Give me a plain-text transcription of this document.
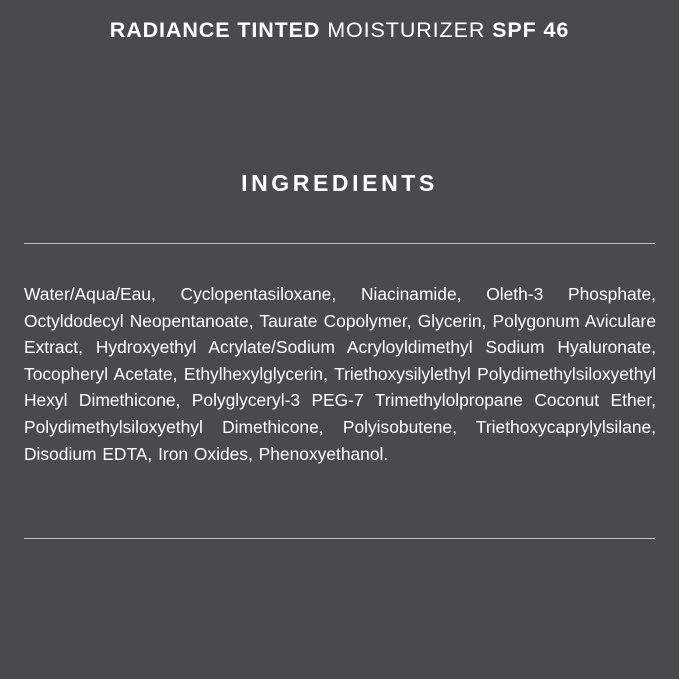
RADIANCE TINTED MOISTURIZER SPF 46
INGREDIENTS
Water/Aqua/Eau, Cyclopentasiloxane, Niacinamide, Oleth-3 Phosphate, Octyldodecyl Neopentanoate, Taurate Copolymer, Glycerin, Polygonum Aviculare Extract, Hydroxyethyl Acrylate/Sodium Acryloyldimethyl Sodium Hyaluronate, Tocopheryl Acetate, Ethylhexylglycerin, Triethoxysilylethyl Polydimethylsiloxyethyl Hexyl Dimethicone, Polyglyceryl-3 PEG-7 Trimethylolpropane Coconut Ether, Polydimethylsiloxyethyl Dimethicone, Polyisobutene, Triethoxycaprylylsilane, Disodium EDTA, Iron Oxides, Phenoxyethanol.
